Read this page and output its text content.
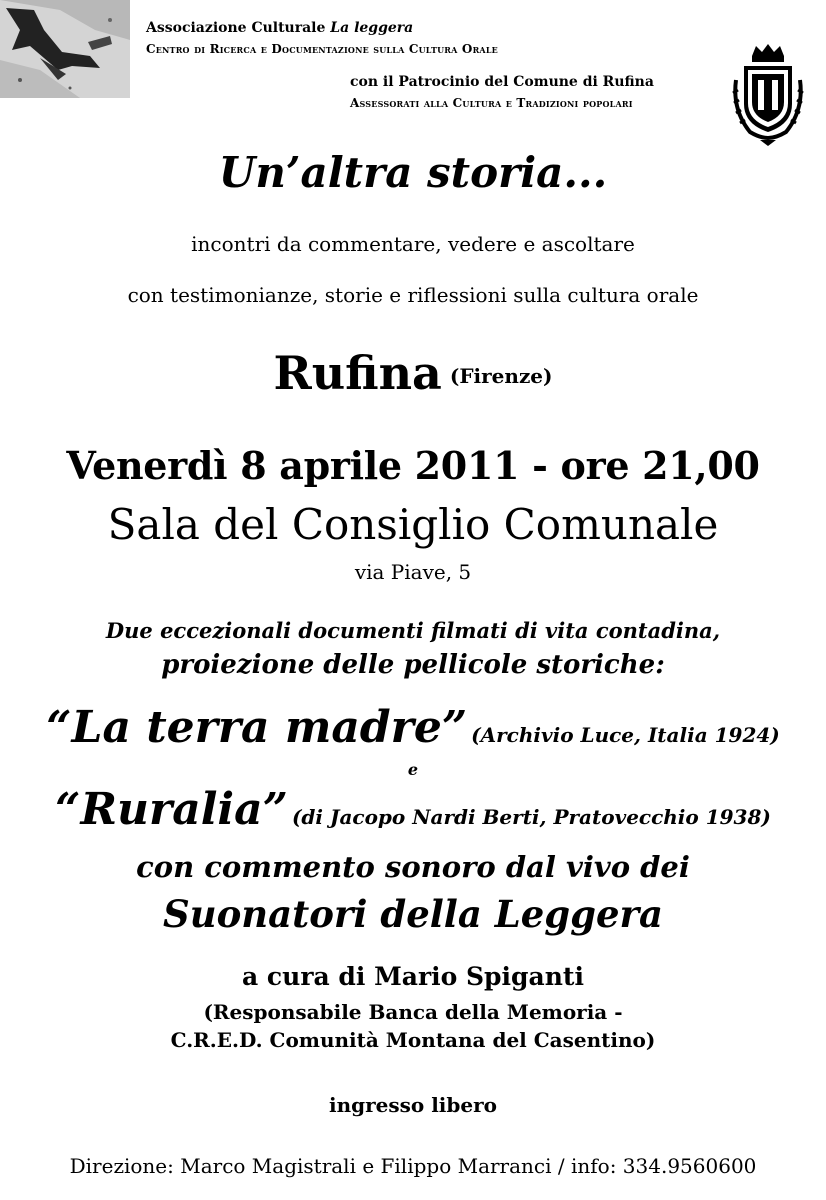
Associazione Culturale La leggera
Centro di Ricerca e Documentazione sulla Cultura Orale
con il Patrocinio del Comune di Rufina
Assessorati alla Cultura e Tradizioni popolari
Un’altra storia...
incontri da commentare, vedere e ascoltare
con testimonianze, storie e riflessioni sulla cultura orale
Rufina (Firenze)
Venerdì 8 aprile 2011 - ore 21,00
Sala del Consiglio Comunale
via Piave, 5
Due eccezionali documenti filmati di vita contadina,
proiezione delle pellicole storiche:
“La terra madre” (Archivio Luce, Italia 1924)
e
“Ruralia” (di Jacopo Nardi Berti, Pratovecchio 1938)
con commento sonoro dal vivo dei
Suonatori della Leggera
a cura di Mario Spiganti
(Responsabile Banca della Memoria -
C.R.E.D. Comunità Montana del Casentino)
ingresso libero
Direzione: Marco Magistrali e Filippo Marranci / info: 334.9560600
